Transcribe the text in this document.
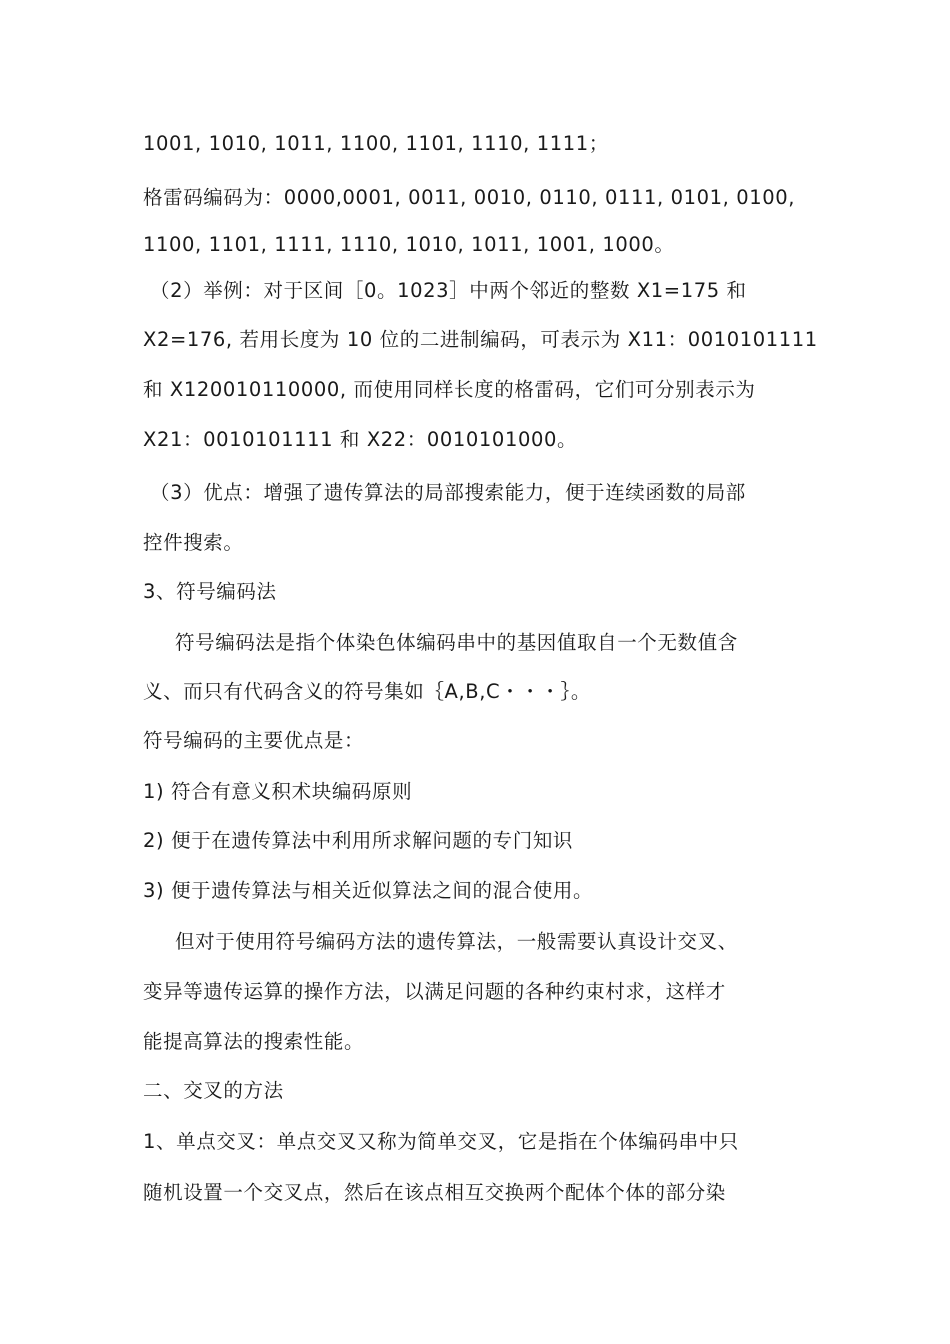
1001, 1010, 1011, 1100, 1101, 1110, 1111；
格雷码编码为：0000,0001, 0011, 0010, 0110, 0111, 0101, 0100,
1100, 1101, 1111, 1110, 1010, 1011, 1001, 1000。
（2）举例：对于区间［0。1023］中两个邻近的整数 X1=175 和
X2=176, 若用长度为 10 位的二进制编码，可表示为 X11：0010101111
和 X120010110000, 而使用同样长度的格雷码，它们可分别表示为
X21：0010101111 和 X22：0010101000。
（3）优点：增强了遗传算法的局部搜索能力，便于连续函数的局部
控件搜索。
3、符号编码法
符号编码法是指个体染色体编码串中的基因值取自一个无数值含
义、而只有代码含义的符号集如｛A,B,C・・・｝。
符号编码的主要优点是：
1) 符合有意义积术块编码原则
2) 便于在遗传算法中利用所求解问题的专门知识
3) 便于遗传算法与相关近似算法之间的混合使用。
但对于使用符号编码方法的遗传算法，一般需要认真设计交叉、
变异等遗传运算的操作方法，以满足问题的各种约束村求，这样才
能提高算法的搜索性能。
二、交叉的方法
1、单点交叉：单点交叉又称为简单交叉，它是指在个体编码串中只
随机设置一个交叉点，然后在该点相互交换两个配体个体的部分染
